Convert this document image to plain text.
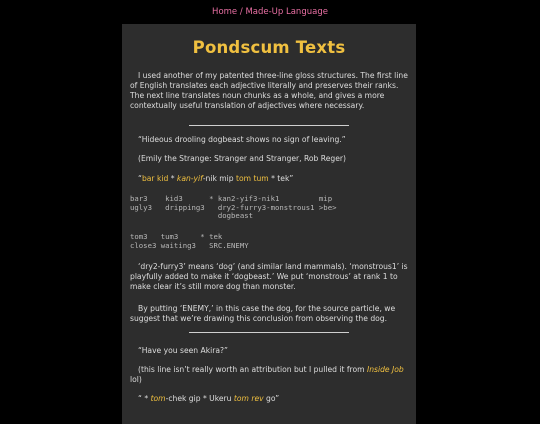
Home / Made-Up Language
Pondscum Texts
I used another of my patented three-line gloss structures. The first line of English translates each adjective literally and preserves their ranks. The next line translates noun chunks as a whole, and gives a more contextually useful translation of adjectives where necessary.
“Hideous drooling dogbeast shows no sign of leaving.”
(Emily the Strange: Stranger and Stranger, Rob Reger)
“bar kid * kan-yif-nik mip tom tum * tek”
bar3    kid3      * kan2-yif3-nik1         mip
ugly3   dripping3   dry2-furry3-monstrous1 >be>
dogbeast
tom3   tum3     * tek
close3 waiting3   SRC.ENEMY
‘dry2-furry3’ means ‘dog’ (and similar land mammals). ‘monstrous1’ is playfully added to make it ‘dogbeast.’ We put ‘monstrous’ at rank 1 to make clear it’s still more dog than monster.
By putting ‘ENEMY,’ in this case the dog, for the source particle, we suggest that we’re drawing this conclusion from observing the dog.
“Have you seen Akira?”
(this line isn’t really worth an attribution but I pulled it from Inside Job lol)
“ * tom-chek gip * Ukeru tom rev go”
